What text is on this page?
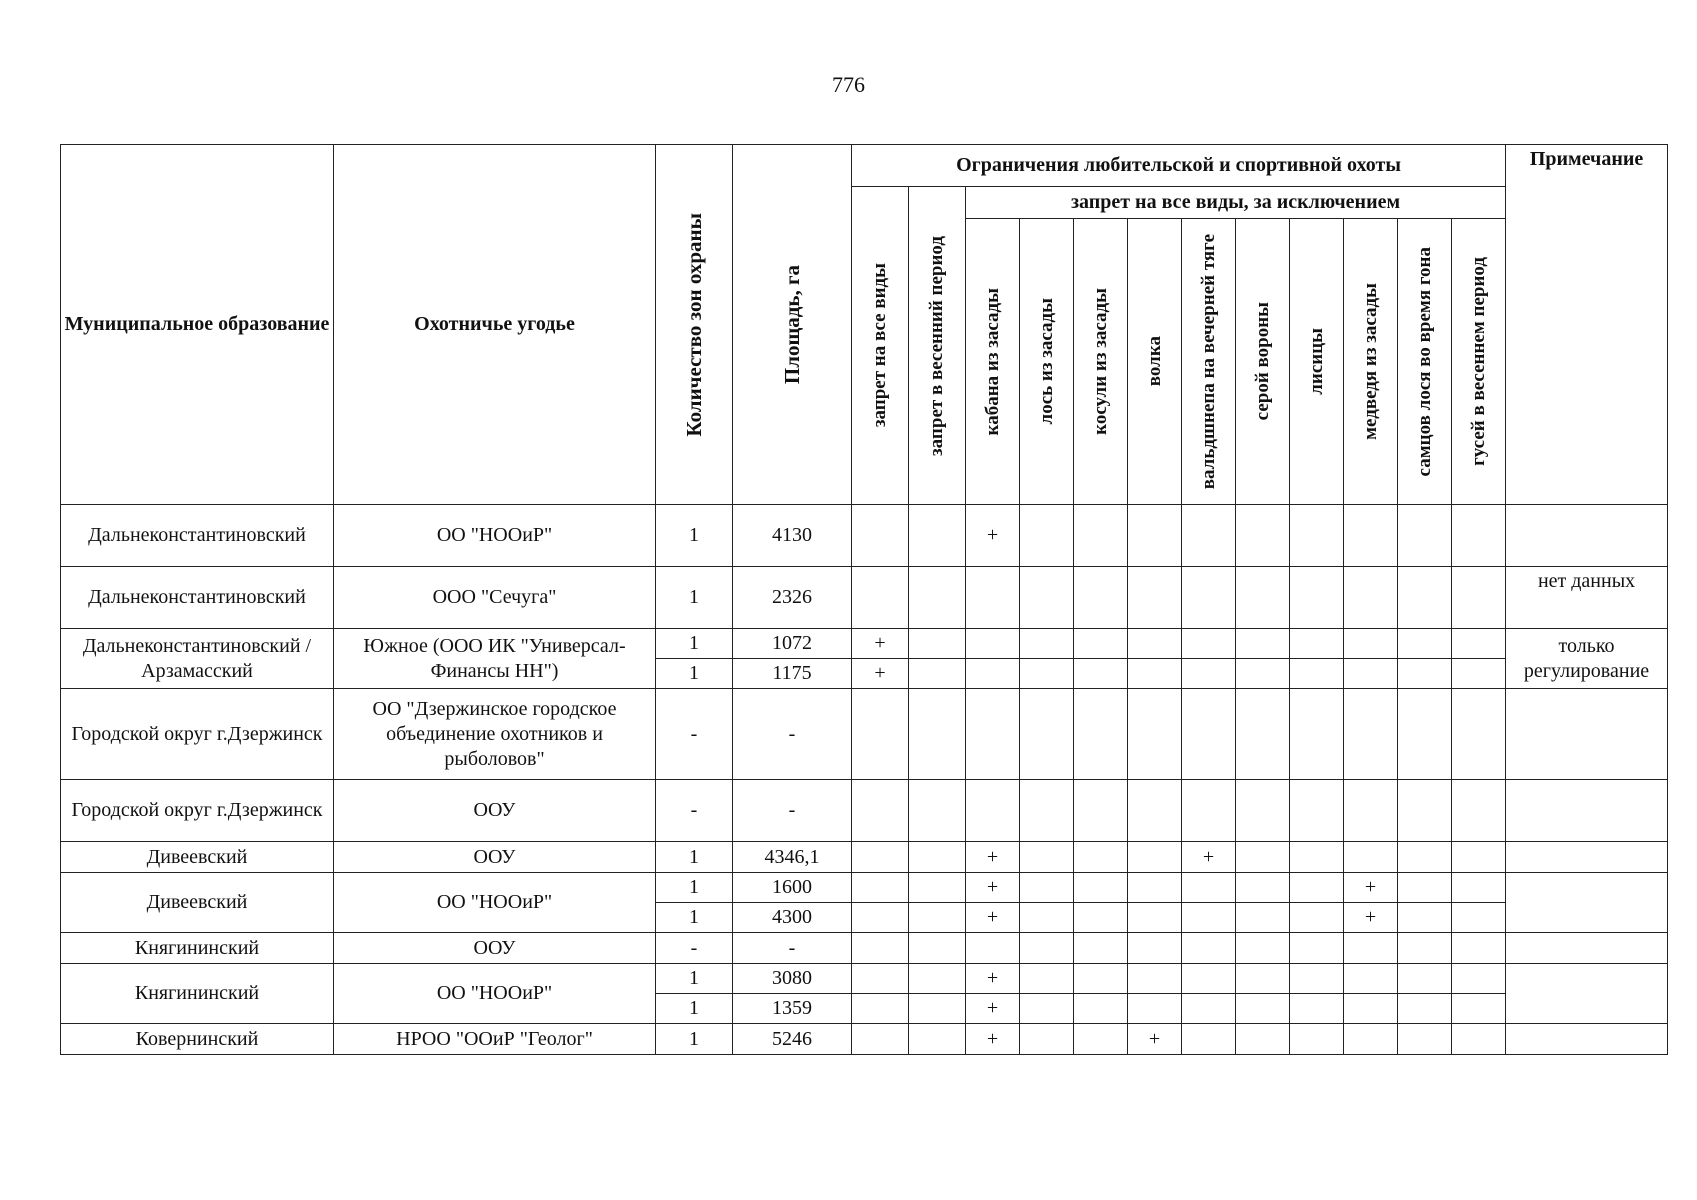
776
Муниципальное образование	Охотничье угодье	Количество зон охраны	Площадь, га	Ограничения любительской и спортивной охоты												Примечание

				запрет на все виды	запрет в весенний период	запрет на все виды, за исключением										

						кабана из засады	лось из засады	косули из засады	волка	вальдшнепа на вечерней тяге	серой вороны	лисицы	медведя из засады	самцов лося во время гона	гусей в весеннем период	

Дальнеконстантиновский	ОО "НООиР"	1	4130			+										
Дальнеконстантиновский	ООО "Сечуга"	1	2326													нет данных
Дальнеконстантиновский / Арзамасский	Южное (ООО ИК "Универсал-Финансы НН")	1	1072	+												только регулирование
		1	1175	+												
Городской округ г.Дзержинск	ОО "Дзержинское городское объединение охотников и рыболовов"	-	-													
Городской округ г.Дзержинск	ООУ	-	-													
Дивеевский	ООУ	1	4346,1			+				+						
Дивеевский	ОО "НООиР"	1	1600			+							+			
		1	4300			+							+			
Княгининский	ООУ	-	-													
Княгининский	ОО "НООиР"	1	3080			+										
		1	1359			+										
Ковернинский	НРОО "ООиР "Геолог"	1	5246			+			+							
